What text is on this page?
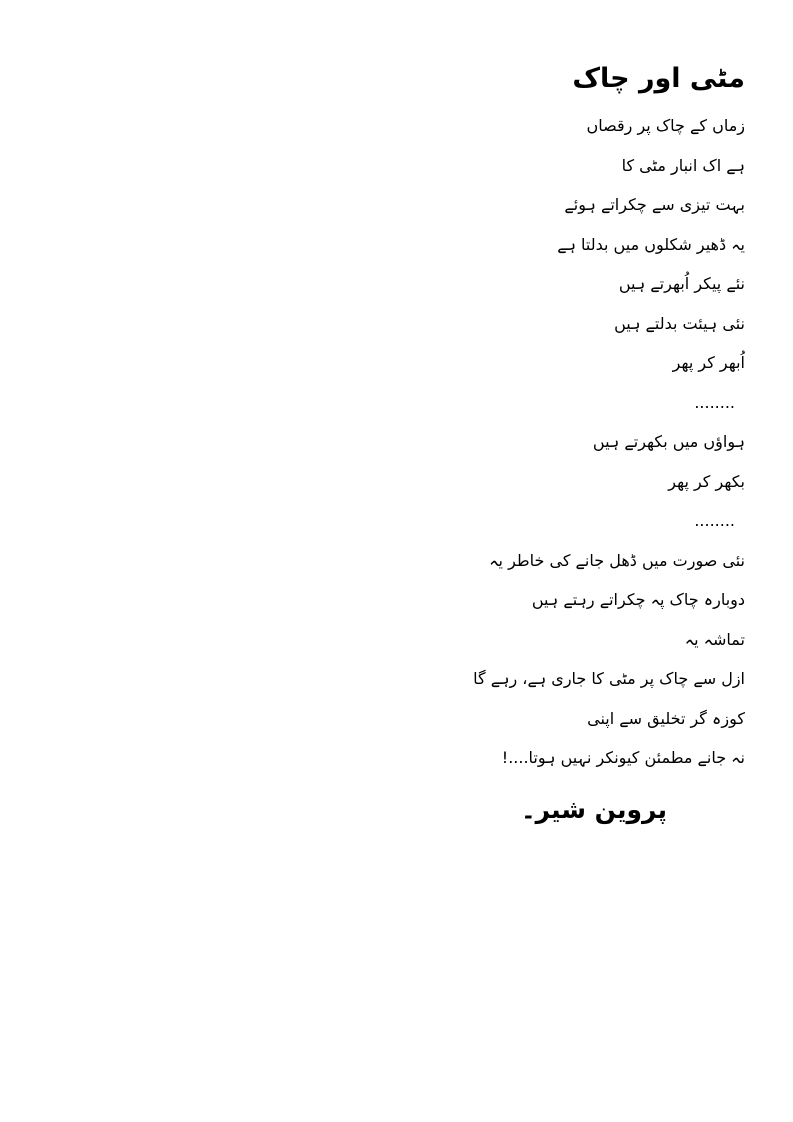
مٹی اور چاک
زماں کے چاک پر رقصاں
ہے اک انبار مٹی کا
بہت تیزی سے چکراتے ہوئے
یہ ڈھیر شکلوں میں بدلتا ہے
نئے پیکر اُبھرتے ہیں
نئی ہیئت بدلتے ہیں
اُبھر کر پھر
........
ہواؤں میں بکھرتے ہیں
بکھر کر پھر
........
نئی صورت میں ڈھل جانے کی خاطر یہ
دوبارہ چاک پہ چکراتے رہتے ہیں
تماشہ یہ
ازل سے چاک پر مٹی کا جاری ہے، رہے گا
کوزہ گر تخلیق سے اپنی
نہ جانے مطمئن کیونکر نہیں ہوتا....!
پروین شیر۔
